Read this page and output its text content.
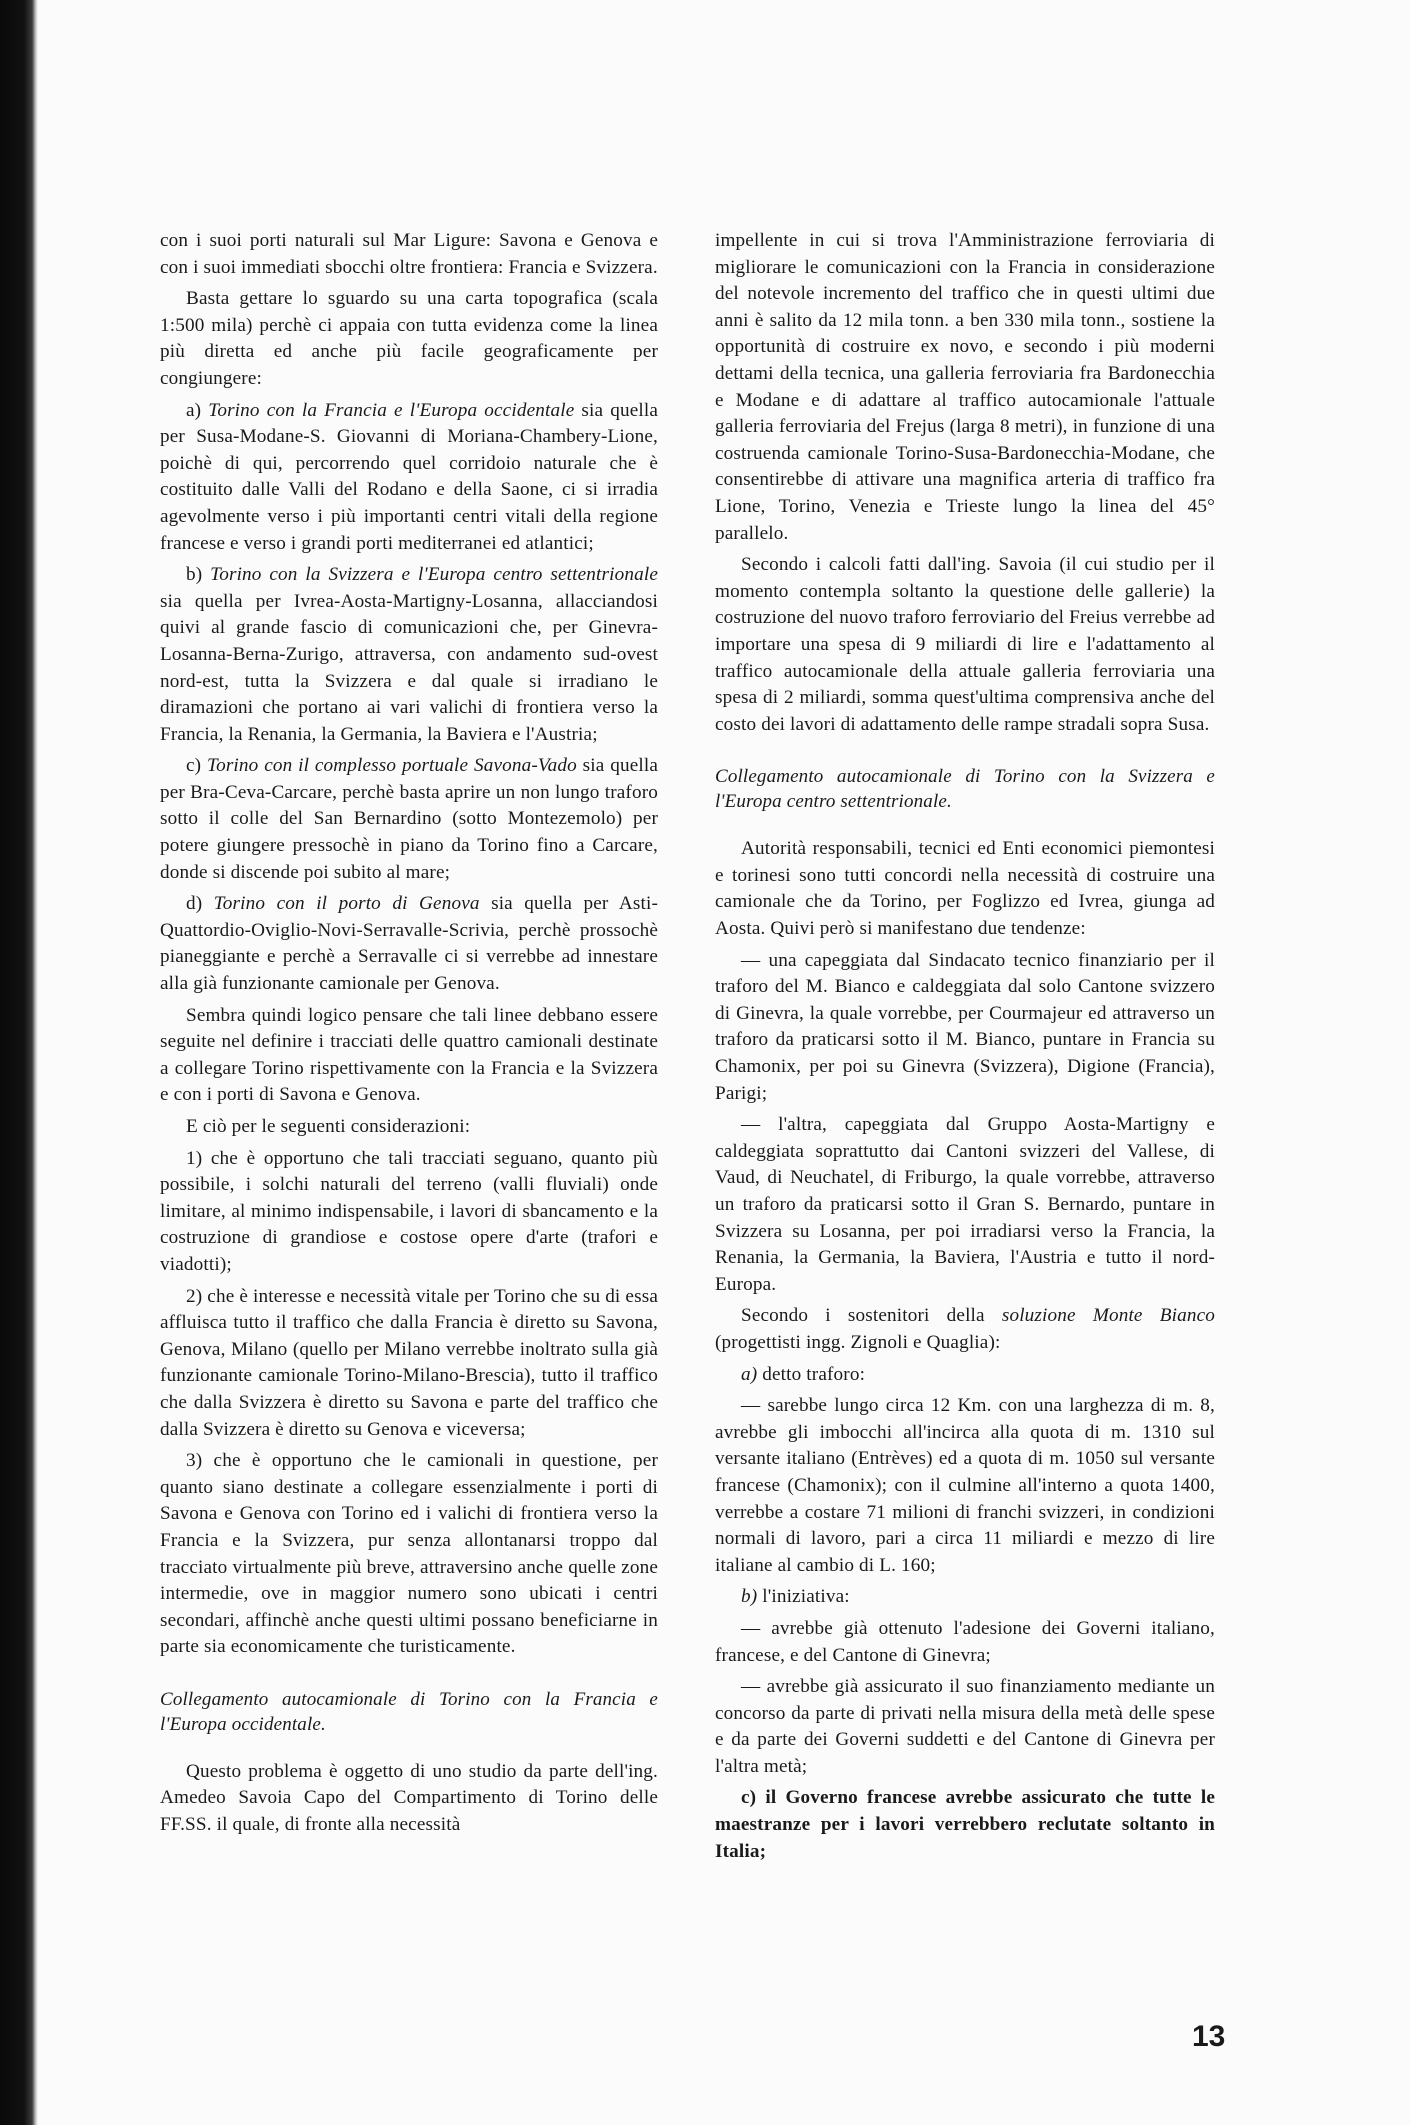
con i suoi porti naturali sul Mar Ligure: Savona e Genova e con i suoi immediati sbocchi oltre frontiera: Francia e Svizzera.

Basta gettare lo sguardo su una carta topografica (scala 1:500 mila) perchè ci appaia con tutta evidenza come la linea più diretta ed anche più facile geograficamente per congiungere:

a) Torino con la Francia e l'Europa occidentale sia quella per Susa-Modane-S. Giovanni di Moriana-Chambery-Lione, poichè di qui, percorrendo quel corridoio naturale che è costituito dalle Valli del Rodano e della Saone, ci si irradia agevolmente verso i più importanti centri vitali della regione francese e verso i grandi porti mediterranei ed atlantici;

b) Torino con la Svizzera e l'Europa centro settentrionale sia quella per Ivrea-Aosta-Martigny-Losanna, allacciandosi quivi al grande fascio di comunicazioni che, per Ginevra-Losanna-Berna-Zurigo, attraversa, con andamento sud-ovest nord-est, tutta la Svizzera e dal quale si irradiano le diramazioni che portano ai vari valichi di frontiera verso la Francia, la Renania, la Germania, la Baviera e l'Austria;

c) Torino con il complesso portuale Savona-Vado sia quella per Bra-Ceva-Carcare, perchè basta aprire un non lungo traforo sotto il colle del San Bernardino (sotto Montezemolo) per potere giungere pressochè in piano da Torino fino a Carcare, donde si discende poi subito al mare;

d) Torino con il porto di Genova sia quella per Asti-Quattordio-Oviglio-Novi-Serravalle-Scrivia, perchè prossochè pianeggiante e perchè a Serravalle ci si verrebbe ad innestare alla già funzionante camionale per Genova.

Sembra quindi logico pensare che tali linee debbano essere seguite nel definire i tracciati delle quattro camionali destinate a collegare Torino rispettivamente con la Francia e la Svizzera e con i porti di Savona e Genova.

E ciò per le seguenti considerazioni:

1) che è opportuno che tali tracciati seguano, quanto più possibile, i solchi naturali del terreno (valli fluviali) onde limitare, al minimo indispensabile, i lavori di sbancamento e la costruzione di grandiose e costose opere d'arte (trafori e viadotti);

2) che è interesse e necessità vitale per Torino che su di essa affluisca tutto il traffico che dalla Francia è diretto su Savona, Genova, Milano (quello per Milano verrebbe inoltrato sulla già funzionante camionale Torino-Milano-Brescia), tutto il traffico che dalla Svizzera è diretto su Savona e parte del traffico che dalla Svizzera è diretto su Genova e viceversa;

3) che è opportuno che le camionali in questione, per quanto siano destinate a collegare essenzialmente i porti di Savona e Genova con Torino ed i valichi di frontiera verso la Francia e la Svizzera, pur senza allontanarsi troppo dal tracciato virtualmente più breve, attraversino anche quelle zone intermedie, ove in maggior numero sono ubicati i centri secondari, affinchè anche questi ultimi possano beneficiarne in parte sia economicamente che turisticamente.

Collegamento autocamionale di Torino con la Francia e l'Europa occidentale.

Questo problema è oggetto di uno studio da parte dell'ing. Amedeo Savoia Capo del Compartimento di Torino delle FF.SS. il quale, di fronte alla necessità

impellente in cui si trova l'Amministrazione ferroviaria di migliorare le comunicazioni con la Francia in considerazione del notevole incremento del traffico che in questi ultimi due anni è salito da 12 mila tonn. a ben 330 mila tonn., sostiene la opportunità di costruire ex novo, e secondo i più moderni dettami della tecnica, una galleria ferroviaria fra Bardonecchia e Modane e di adattare al traffico autocamionale l'attuale galleria ferroviaria del Frejus (larga 8 metri), in funzione di una costruenda camionale Torino-Susa-Bardonecchia-Modane, che consentirebbe di attivare una magnifica arteria di traffico fra Lione, Torino, Venezia e Trieste lungo la linea del 45° parallelo.

Secondo i calcoli fatti dall'ing. Savoia (il cui studio per il momento contempla soltanto la questione delle gallerie) la costruzione del nuovo traforo ferroviario del Freius verrebbe ad importare una spesa di 9 miliardi di lire e l'adattamento al traffico autocamionale della attuale galleria ferroviaria una spesa di 2 miliardi, somma quest'ultima comprensiva anche del costo dei lavori di adattamento delle rampe stradali sopra Susa.

Collegamento autocamionale di Torino con la Svizzera e l'Europa centro settentrionale.

Autorità responsabili, tecnici ed Enti economici piemontesi e torinesi sono tutti concordi nella necessità di costruire una camionale che da Torino, per Foglizzo ed Ivrea, giunga ad Aosta. Quivi però si manifestano due tendenze:

— una capeggiata dal Sindacato tecnico finanziario per il traforo del M. Bianco e caldeggiata dal solo Cantone svizzero di Ginevra, la quale vorrebbe, per Courmajeur ed attraverso un traforo da praticarsi sotto il M. Bianco, puntare in Francia su Chamonix, per poi su Ginevra (Svizzera), Digione (Francia), Parigi;

— l'altra, capeggiata dal Gruppo Aosta-Martigny e caldeggiata soprattutto dai Cantoni svizzeri del Vallese, di Vaud, di Neuchatel, di Friburgo, la quale vorrebbe, attraverso un traforo da praticarsi sotto il Gran S. Bernardo, puntare in Svizzera su Losanna, per poi irradiarsi verso la Francia, la Renania, la Germania, la Baviera, l'Austria e tutto il nord-Europa.

Secondo i sostenitori della soluzione Monte Bianco (progettisti ingg. Zignoli e Quaglia):

a) detto traforo:

— sarebbe lungo circa 12 Km. con una larghezza di m. 8, avrebbe gli imbocchi all'incirca alla quota di m. 1310 sul versante italiano (Entrèves) ed a quota di m. 1050 sul versante francese (Chamonix); con il culmine all'interno a quota 1400, verrebbe a costare 71 milioni di franchi svizzeri, in condizioni normali di lavoro, pari a circa 11 miliardi e mezzo di lire italiane al cambio di L. 160;

b) l'iniziativa:

— avrebbe già ottenuto l'adesione dei Governi italiano, francese, e del Cantone di Ginevra;

— avrebbe già assicurato il suo finanziamento mediante un concorso da parte di privati nella misura della metà delle spese e da parte dei Governi suddetti e del Cantone di Ginevra per l'altra metà;

c) il Governo francese avrebbe assicurato che tutte le maestranze per i lavori verrebbero reclutate soltanto in Italia;

13
